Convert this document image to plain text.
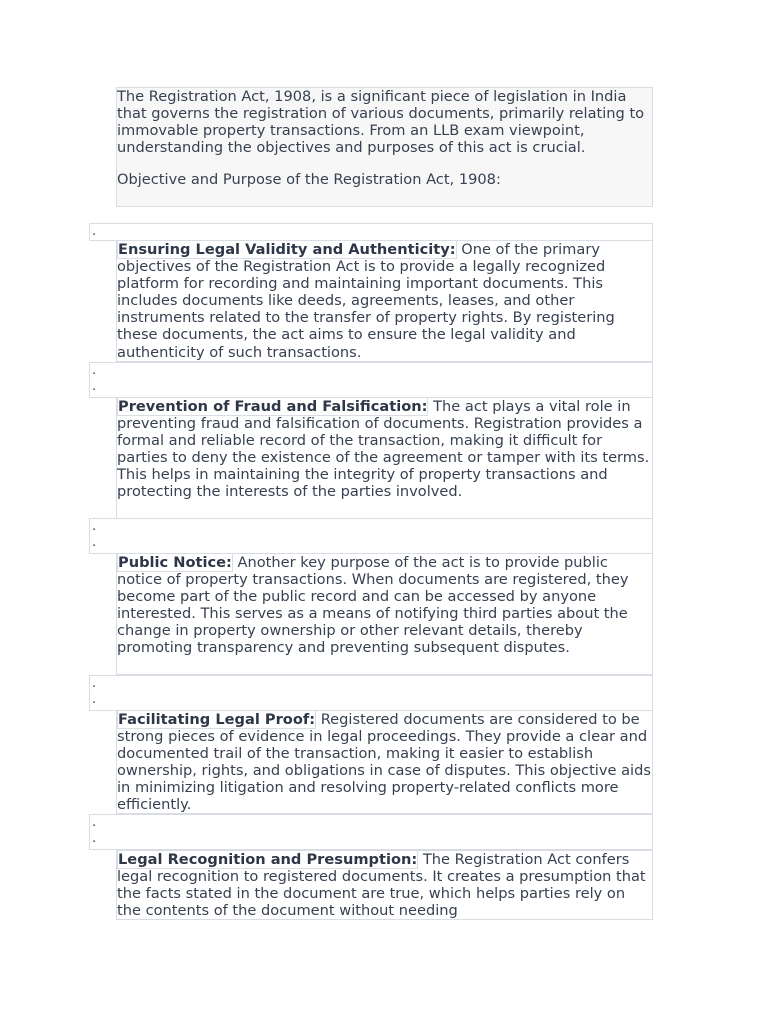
The Registration Act, 1908, is a significant piece of legislation in India that governs the registration of various documents, primarily relating to immovable property transactions. From an LLB exam viewpoint, understanding the objectives and purposes of this act is crucial.

Objective and Purpose of the Registration Act, 1908:

.

Ensuring Legal Validity and Authenticity: One of the primary objectives of the Registration Act is to provide a legally recognized platform for recording and maintaining important documents. This includes documents like deeds, agreements, leases, and other instruments related to the transfer of property rights. By registering these documents, the act aims to ensure the legal validity and authenticity of such transactions.

.
.

Prevention of Fraud and Falsification: The act plays a vital role in preventing fraud and falsification of documents. Registration provides a formal and reliable record of the transaction, making it difficult for parties to deny the existence of the agreement or tamper with its terms. This helps in maintaining the integrity of property transactions and protecting the interests of the parties involved.

.
.

Public Notice: Another key purpose of the act is to provide public notice of property transactions. When documents are registered, they become part of the public record and can be accessed by anyone interested. This serves as a means of notifying third parties about the change in property ownership or other relevant details, thereby promoting transparency and preventing subsequent disputes.

.
.

Facilitating Legal Proof: Registered documents are considered to be strong pieces of evidence in legal proceedings. They provide a clear and documented trail of the transaction, making it easier to establish ownership, rights, and obligations in case of disputes. This objective aids in minimizing litigation and resolving property-related conflicts more efficiently.

.
.

Legal Recognition and Presumption: The Registration Act confers legal recognition to registered documents. It creates a presumption that the facts stated in the document are true, which helps parties rely on the contents of the document without needing
